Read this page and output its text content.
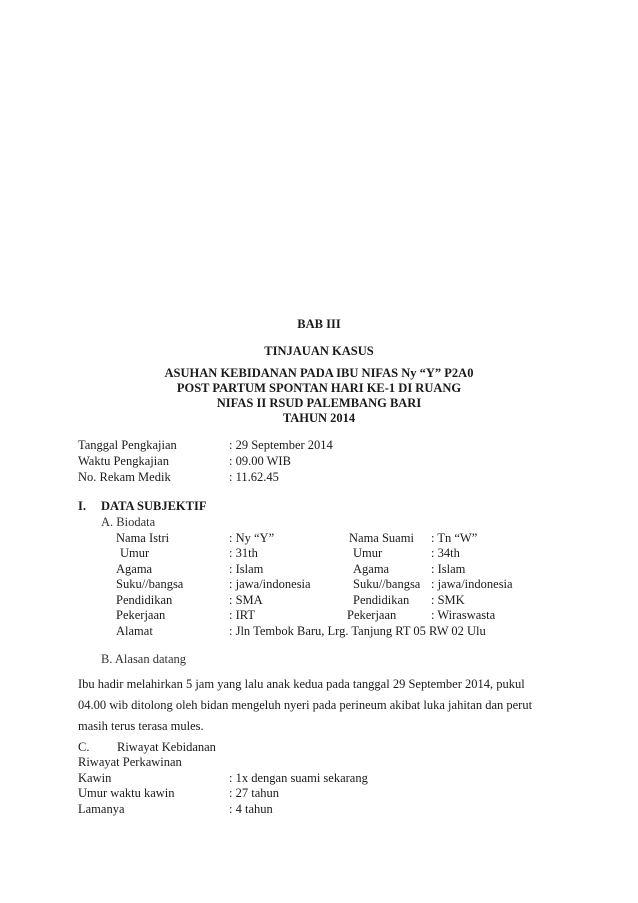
BAB III
TINJAUAN KASUS
ASUHAN KEBIDANAN PADA IBU NIFAS Ny “Y” P2A0
POST PARTUM SPONTAN HARI KE-1 DI RUANG
NIFAS II RSUD PALEMBANG BARI
TAHUN 2014
Tanggal Pengkajian	: 29 September 2014
Waktu Pengkajian	: 09.00 WIB
No. Rekam Medik	: 11.62.45
I. DATA SUBJEKTIF
A. Biodata
Nama Istri	: Ny “Y”	Nama Suami : Tn “W”
Umur	: 31th	Umur	: 34th
Agama	: Islam	Agama	: Islam
Suku//bangsa	: jawa/indonesia	Suku//bangsa : jawa/indonesia
Pendidikan	: SMA	Pendidikan : SMK
Pekerjaan	: IRT	Pekerjaan	: Wiraswasta
Alamat	: Jln Tembok Baru, Lrg. Tanjung RT 05 RW 02 Ulu
B. Alasan datang
Ibu hadir melahirkan 5 jam yang lalu anak kedua pada tanggal 29 September 2014, pukul
04.00 wib ditolong oleh bidan mengeluh nyeri pada perineum akibat luka jahitan dan perut
masih terus terasa mules.
C. Riwayat Kebidanan
Riwayat Perkawinan
Kawin	: 1x dengan suami sekarang
Umur waktu kawin	: 27 tahun
Lamanya	: 4 tahun
